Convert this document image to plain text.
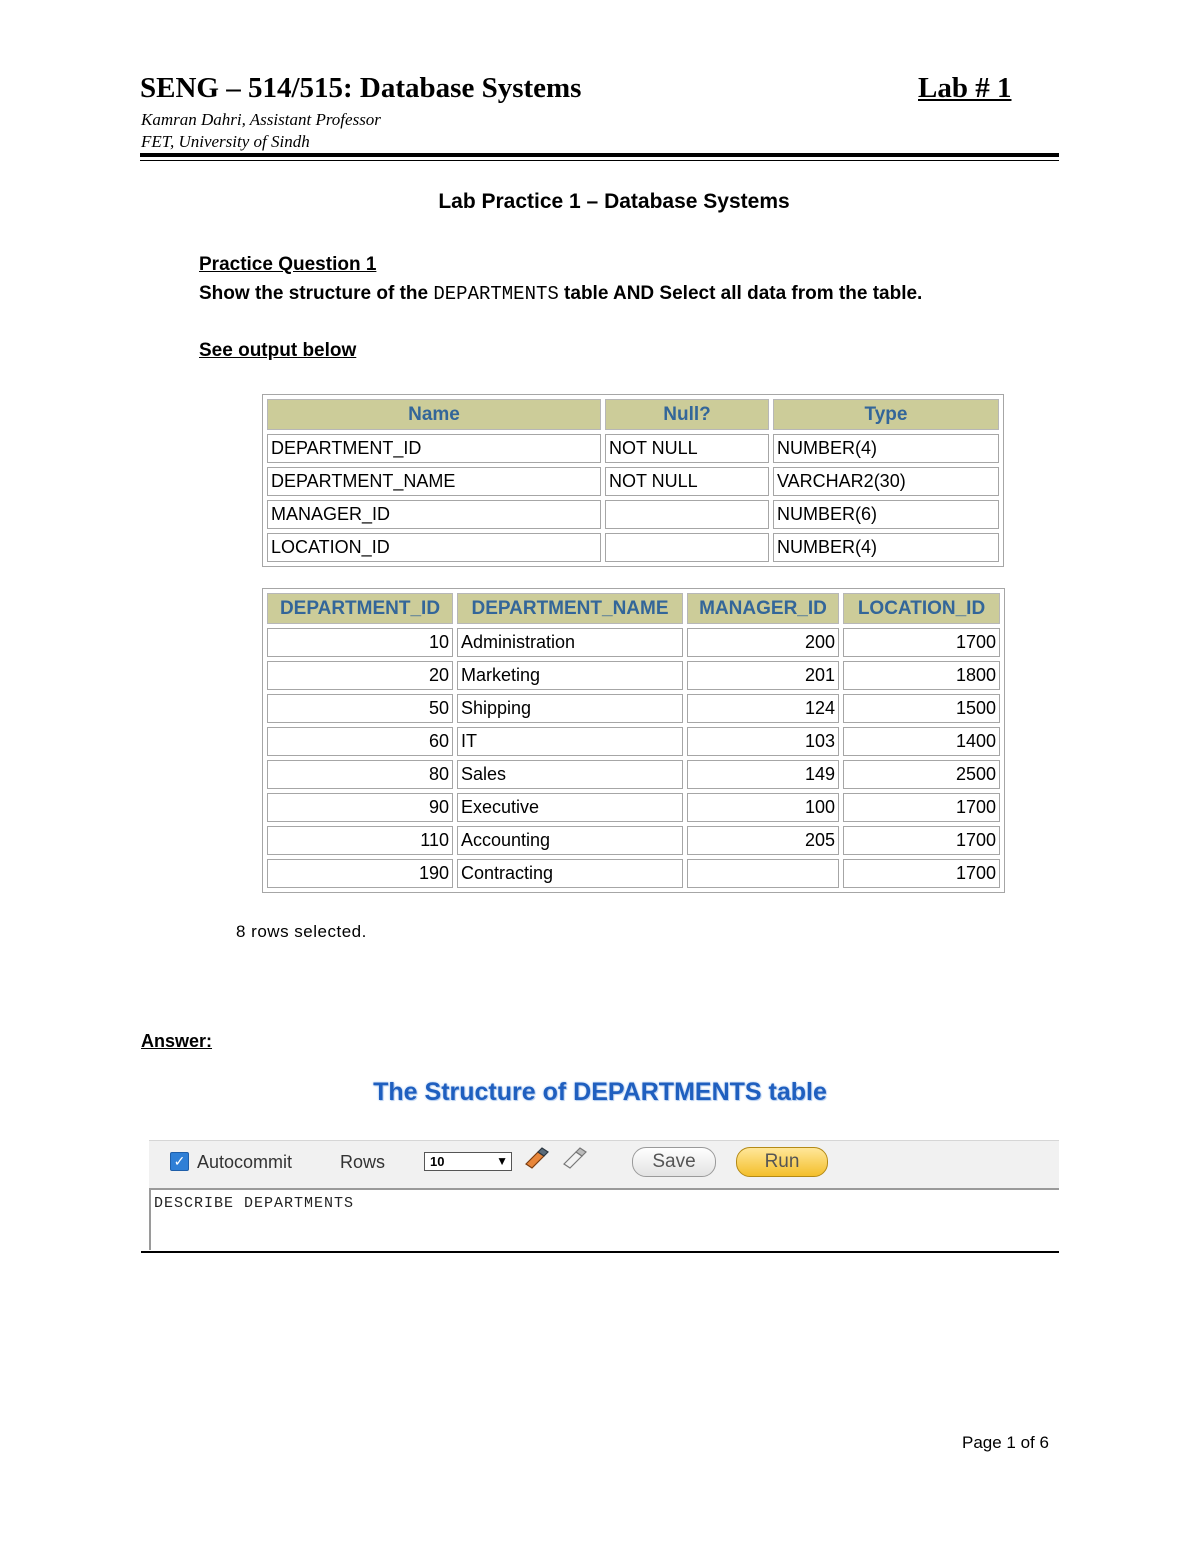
SENG – 514/515: Database Systems	Lab # 1
Kamran Dahri, Assistant Professor
FET, University of Sindh
Lab Practice 1 – Database Systems
Practice Question 1
Show the structure of the DEPARTMENTS table AND Select all data from the table.
See output below
Name	Null?	Type
DEPARTMENT_ID	NOT NULL	NUMBER(4)
DEPARTMENT_NAME	NOT NULL	VARCHAR2(30)
MANAGER_ID		NUMBER(6)
LOCATION_ID		NUMBER(4)
DEPARTMENT_ID	DEPARTMENT_NAME	MANAGER_ID	LOCATION_ID
10	Administration	200	1700
20	Marketing	201	1800
50	Shipping	124	1500
60	IT	103	1400
80	Sales	149	2500
90	Executive	100	1700
110	Accounting	205	1700
190	Contracting		1700
8 rows selected.
Answer:
The Structure of DEPARTMENTS table
✓ Autocommit	Rows	10	▼	Save	Run
DESCRIBE DEPARTMENTS
Page 1 of 6
